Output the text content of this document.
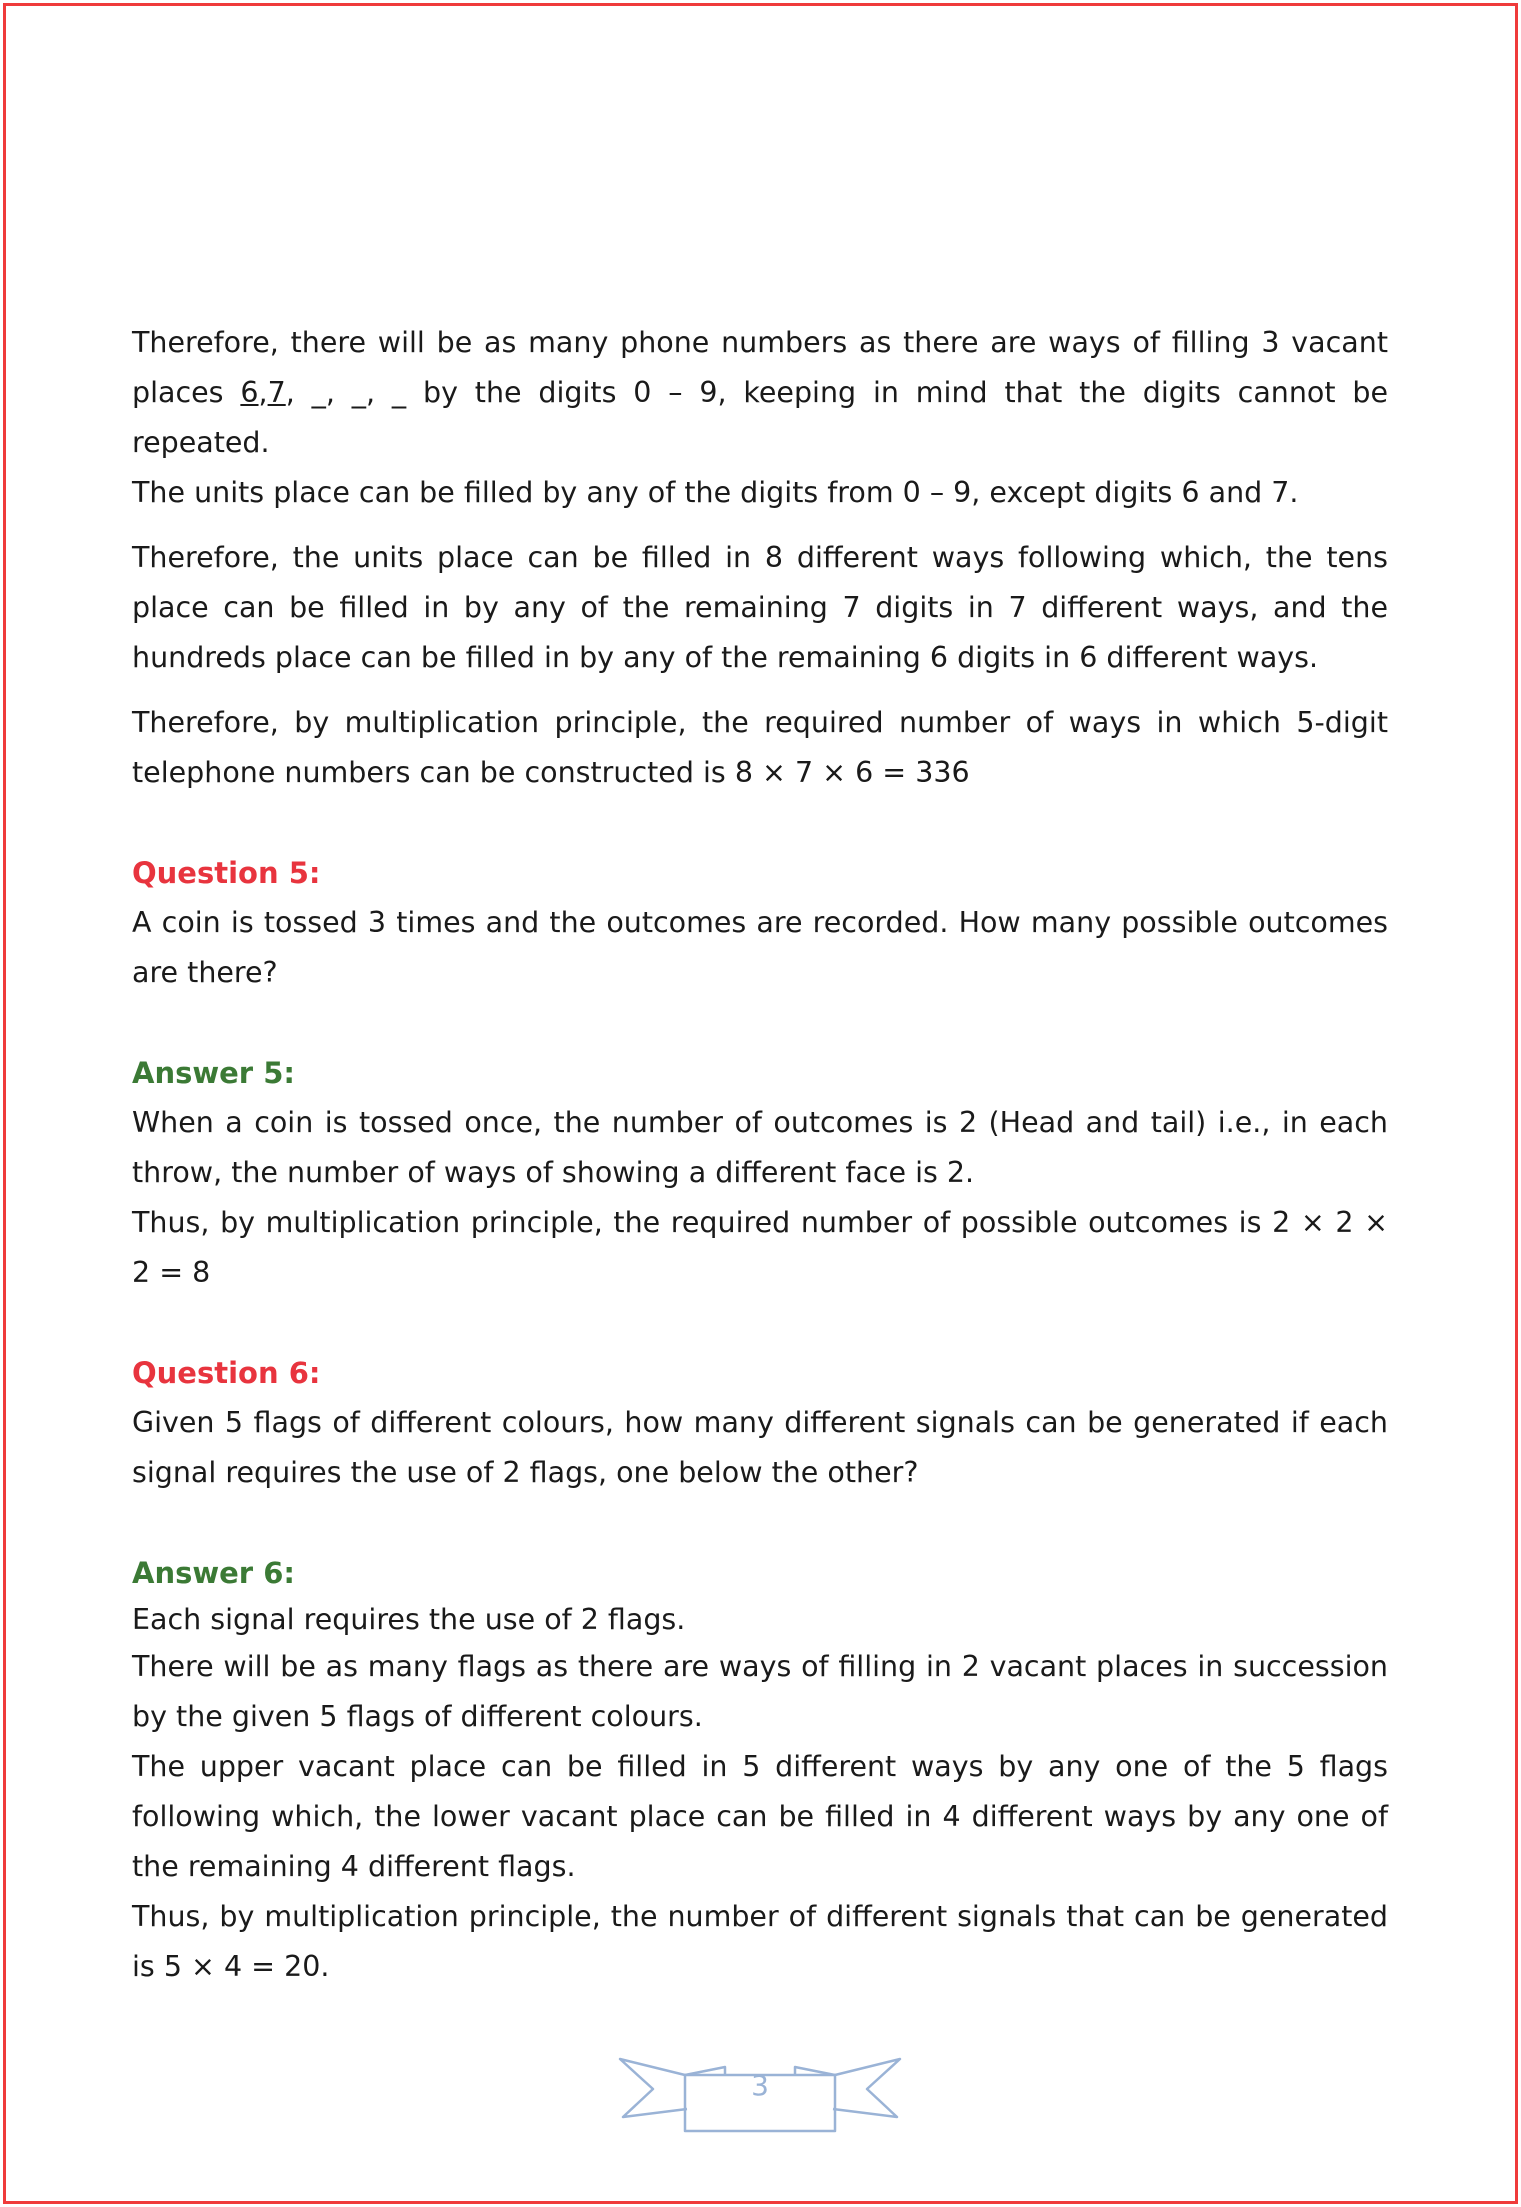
Therefore, there will be as many phone numbers as there are ways of filling 3 vacant places 6,7, _, _, _ by the digits 0 – 9, keeping in mind that the digits cannot be repeated.
The units place can be filled by any of the digits from 0 – 9, except digits 6 and 7.

Therefore, the units place can be filled in 8 different ways following which, the tens place can be filled in by any of the remaining 7 digits in 7 different ways, and the hundreds place can be filled in by any of the remaining 6 digits in 6 different ways.

Therefore, by multiplication principle, the required number of ways in which 5-digit telephone numbers can be constructed is 8 × 7 × 6 = 336

Question 5:

A coin is tossed 3 times and the outcomes are recorded. How many possible outcomes are there?

Answer 5:

When a coin is tossed once, the number of outcomes is 2 (Head and tail) i.e., in each throw, the number of ways of showing a different face is 2.

Thus, by multiplication principle, the required number of possible outcomes is 2 × 2 × 2 = 8

Question 6:

Given 5 flags of different colours, how many different signals can be generated if each signal requires the use of 2 flags, one below the other?

Answer 6:

Each signal requires the use of 2 flags.

There will be as many flags as there are ways of filling in 2 vacant places in succession by the given 5 flags of different colours.

The upper vacant place can be filled in 5 different ways by any one of the 5 flags following which, the lower vacant place can be filled in 4 different ways by any one of the remaining 4 different flags.

Thus, by multiplication principle, the number of different signals that can be generated is 5 × 4 = 20.

3
